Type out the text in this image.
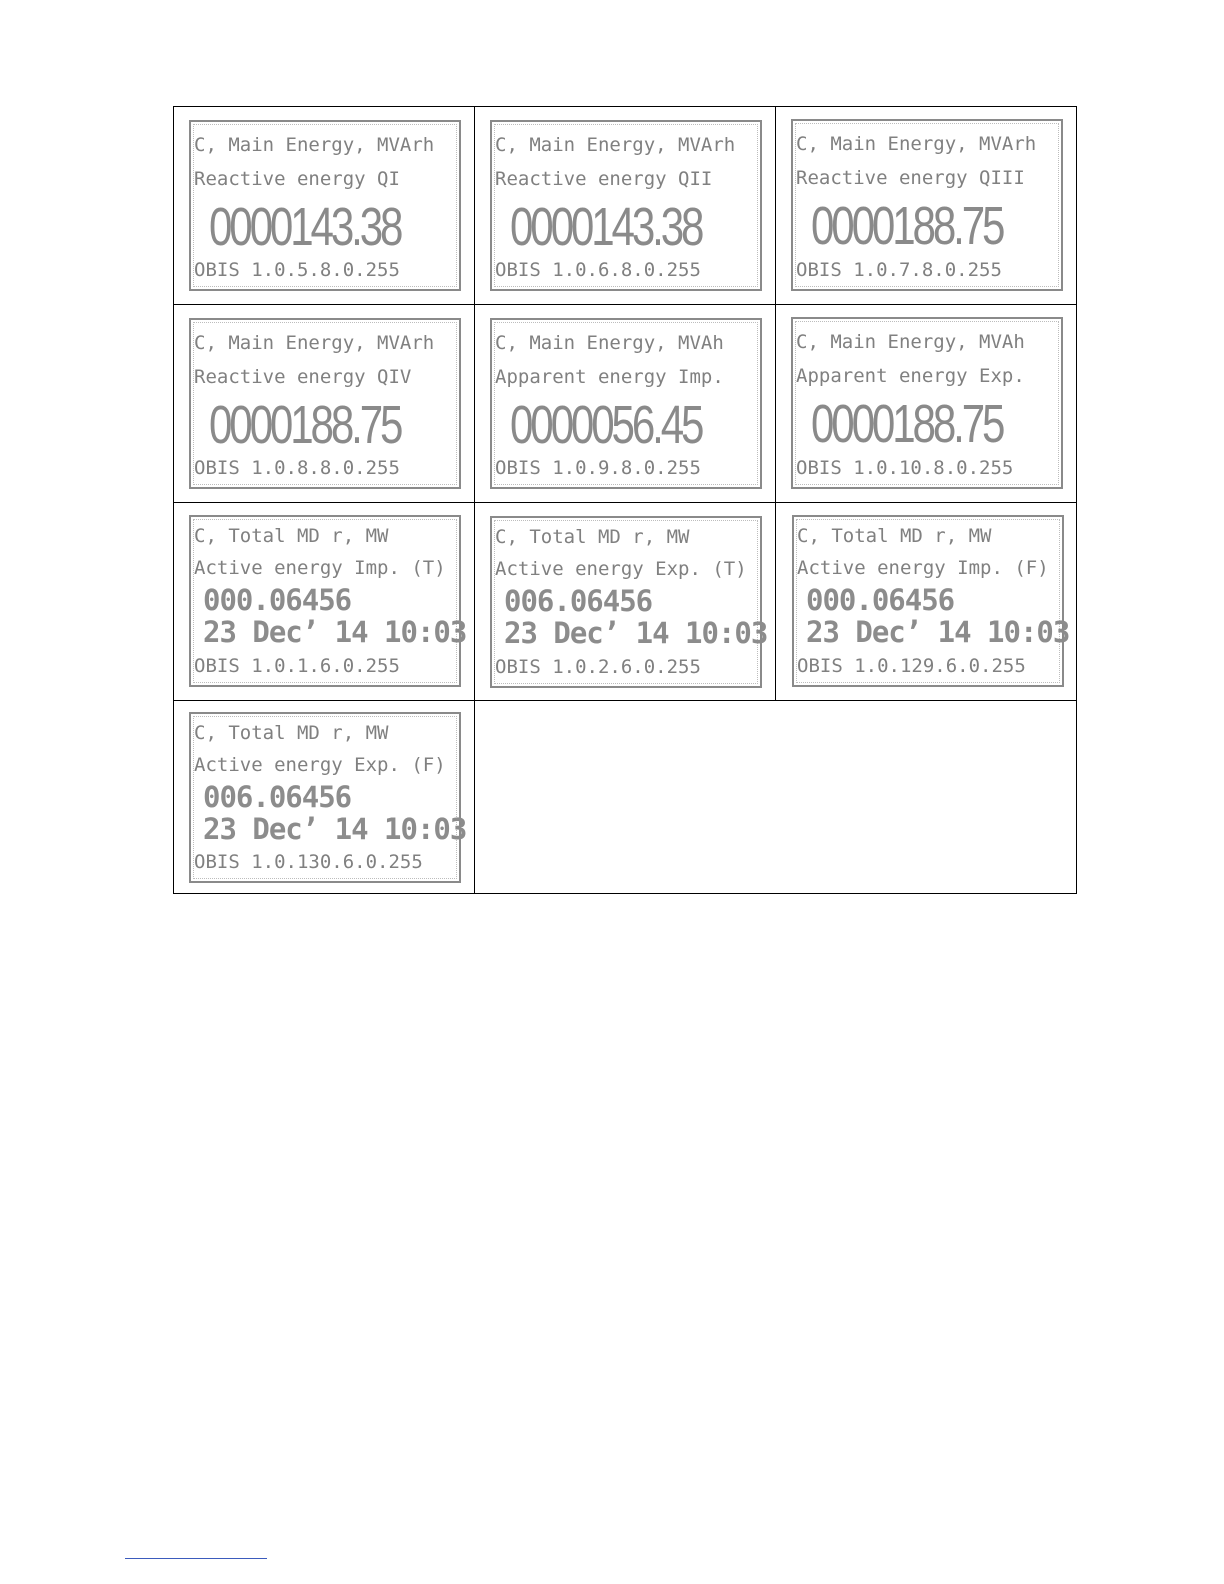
C, Main Energy, MVArh
Reactive energy QI
0000143.38
OBIS 1.0.5.8.0.255
C, Main Energy, MVArh
Reactive energy QII
0000143.38
OBIS 1.0.6.8.0.255
C, Main Energy, MVArh
Reactive energy QIII
0000188.75
OBIS 1.0.7.8.0.255
C, Main Energy, MVArh
Reactive energy QIV
0000188.75
OBIS 1.0.8.8.0.255
C, Main Energy, MVAh
Apparent energy Imp.
0000056.45
OBIS 1.0.9.8.0.255
C, Main Energy, MVAh
Apparent energy Exp.
0000188.75
OBIS 1.0.10.8.0.255
C, Total MD r, MW
Active energy Imp. (T)
000.06456
23 Dec’ 14 10:03
OBIS 1.0.1.6.0.255
C, Total MD r, MW
Active energy Exp. (T)
006.06456
23 Dec’ 14 10:03
OBIS 1.0.2.6.0.255
C, Total MD r, MW
Active energy Imp. (F)
000.06456
23 Dec’ 14 10:03
OBIS 1.0.129.6.0.255
C, Total MD r, MW
Active energy Exp. (F)
006.06456
23 Dec’ 14 10:03
OBIS 1.0.130.6.0.255
